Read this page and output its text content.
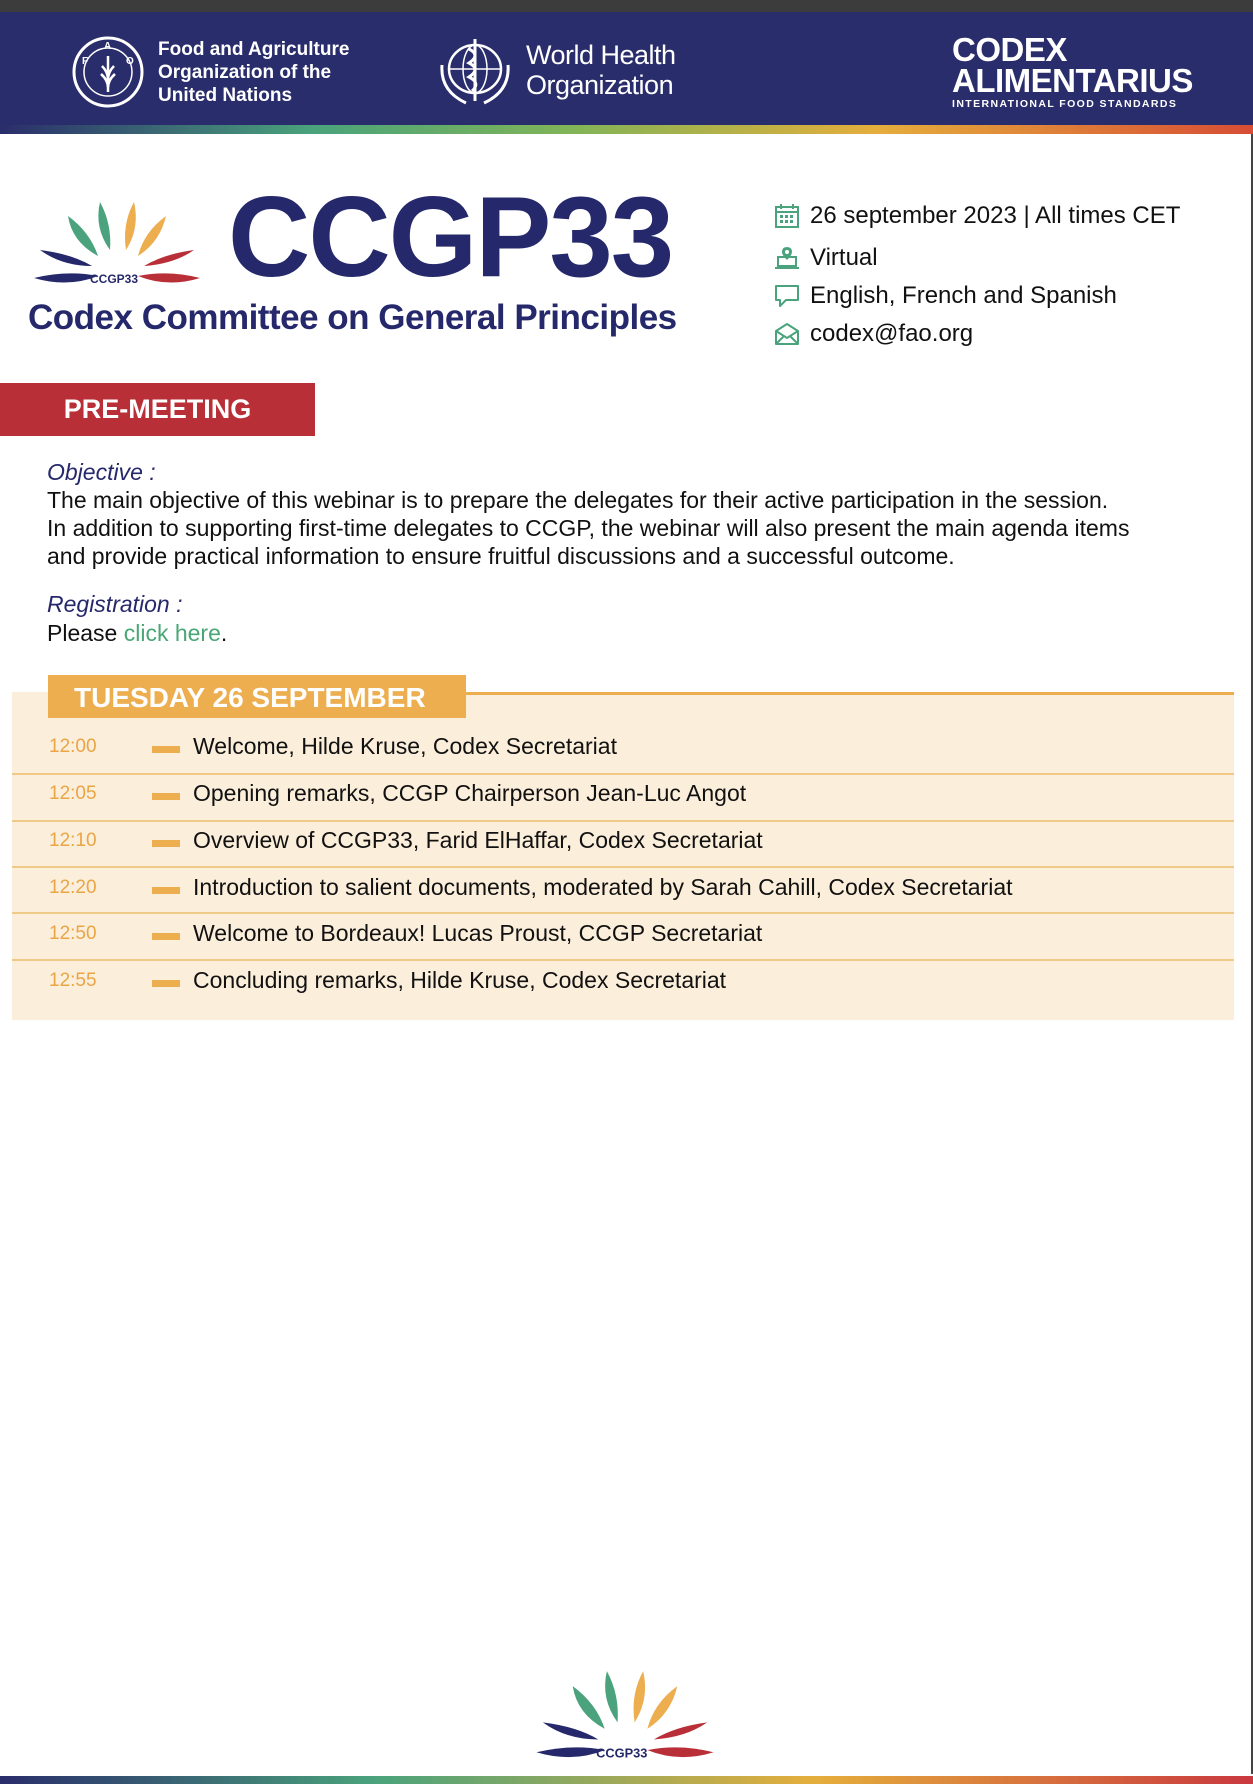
F
A
O
Food and Agriculture
Organization of the
United Nations
World Health
Organization
CODEX
ALIMENTARIUS
INTERNATIONAL FOOD STANDARDS
CCGP33 CCGP33
Codex Committee on General Principles
26 september 2023 | All times CET
Virtual
English, French and Spanish
codex@fao.org
PRE-MEETING
Objective :
The main objective of this webinar is to prepare the delegates for their active participation in the session.
In addition to supporting first-time delegates to CCGP, the webinar will also present the main agenda items
and provide practical information to ensure fruitful discussions and a successful outcome.
Registration :
Please click here.
TUESDAY 26 SEPTEMBER
12:00	Welcome, Hilde Kruse, Codex Secretariat
12:05	Opening remarks, CCGP Chairperson Jean-Luc Angot
12:10	Overview of CCGP33, Farid ElHaffar, Codex Secretariat
12:20	Introduction to salient documents, moderated by Sarah Cahill, Codex Secretariat
12:50	Welcome to Bordeaux! Lucas Proust, CCGP Secretariat
12:55	Concluding remarks, Hilde Kruse, Codex Secretariat
CCGP33
